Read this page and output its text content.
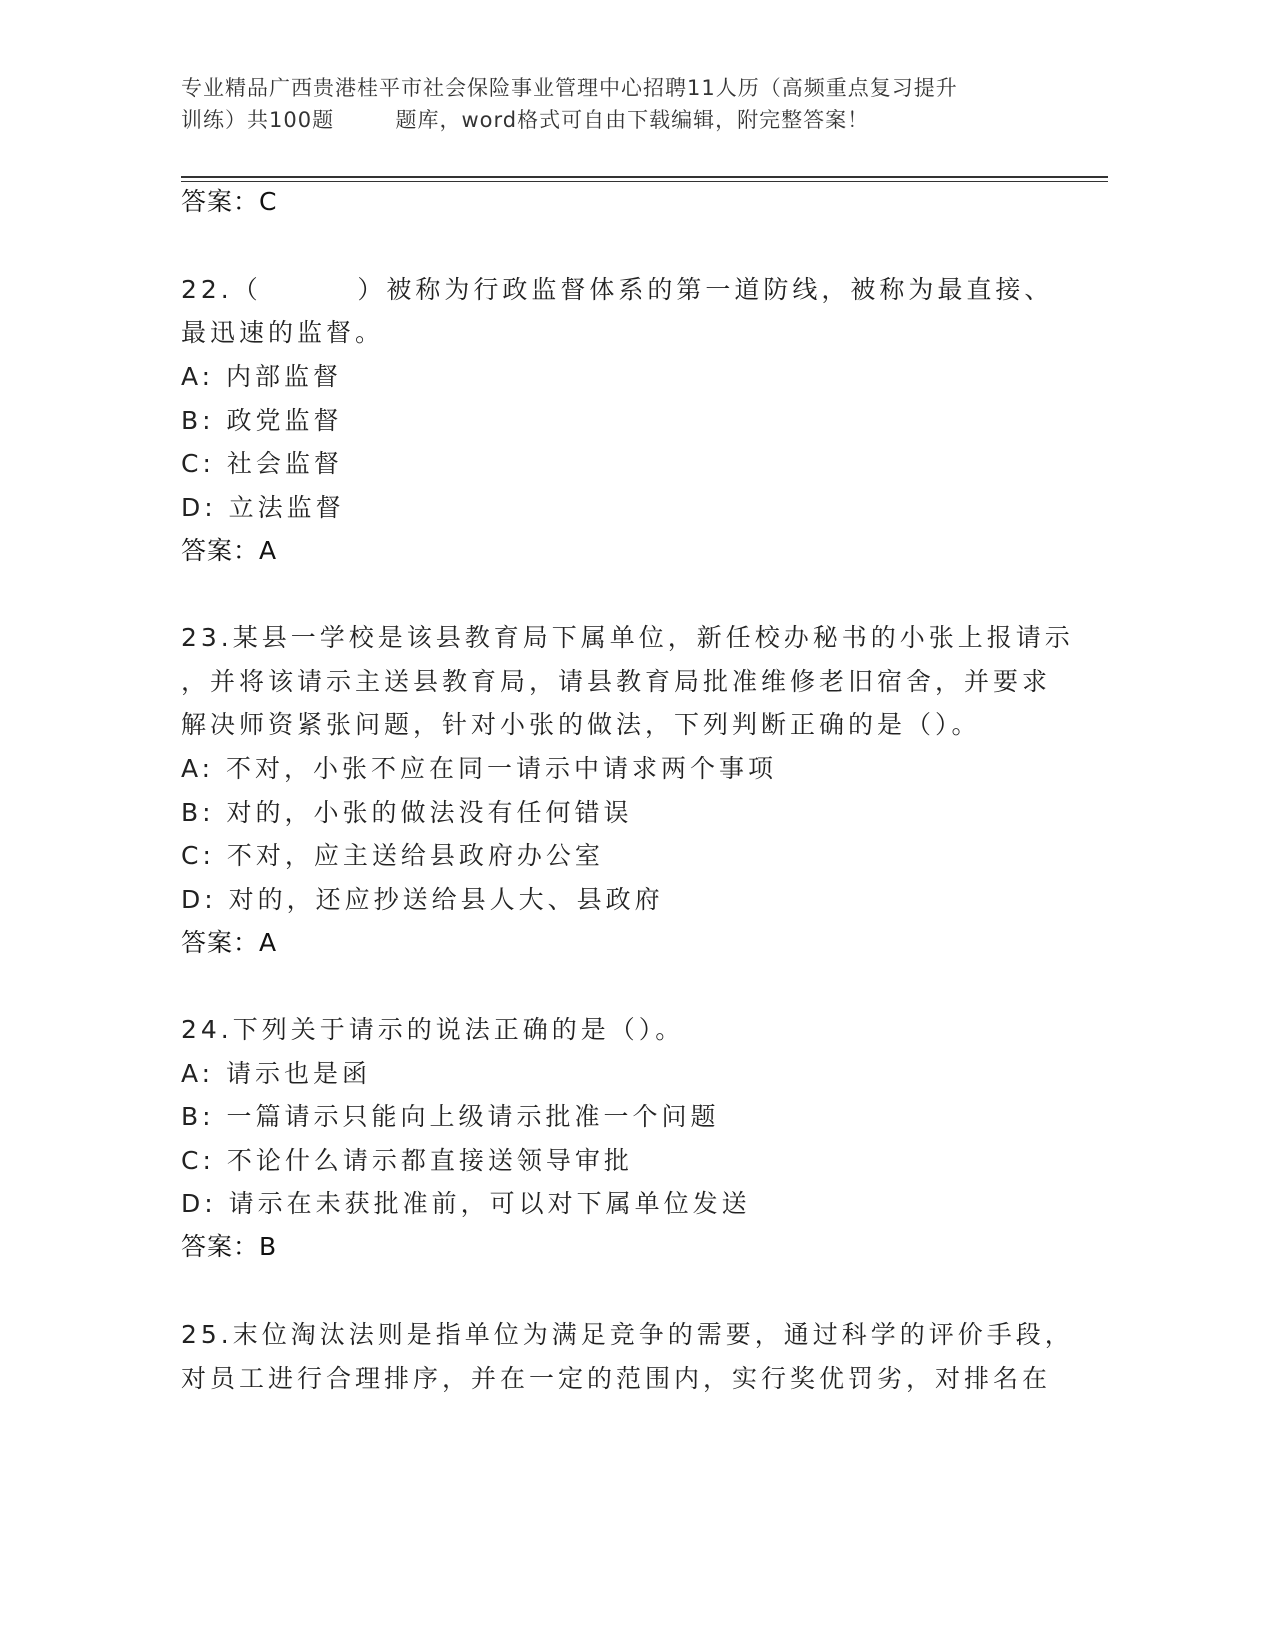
专业精品广西贵港桂平市社会保险事业管理中心招聘11人历（高频重点复习提升
训练）共100题        题库，word格式可自由下载编辑，附完整答案！
答案：C
22.（        ）被称为行政监督体系的第一道防线，被称为最直接、
最迅速的监督。
A: 内部监督
B: 政党监督
C: 社会监督
D: 立法监督
答案：A
23.某县一学校是该县教育局下属单位，新任校办秘书的小张上报请示
，并将该请示主送县教育局，请县教育局批准维修老旧宿舍，并要求
解决师资紧张问题，针对小张的做法，下列判断正确的是（）。
A: 不对，小张不应在同一请示中请求两个事项
B: 对的，小张的做法没有任何错误
C: 不对，应主送给县政府办公室
D: 对的，还应抄送给县人大、县政府
答案：A
24.下列关于请示的说法正确的是（）。
A: 请示也是函
B: 一篇请示只能向上级请示批准一个问题
C: 不论什么请示都直接送领导审批
D: 请示在未获批准前，可以对下属单位发送
答案：B
25.末位淘汰法则是指单位为满足竞争的需要，通过科学的评价手段，
对员工进行合理排序，并在一定的范围内，实行奖优罚劣，对排名在
